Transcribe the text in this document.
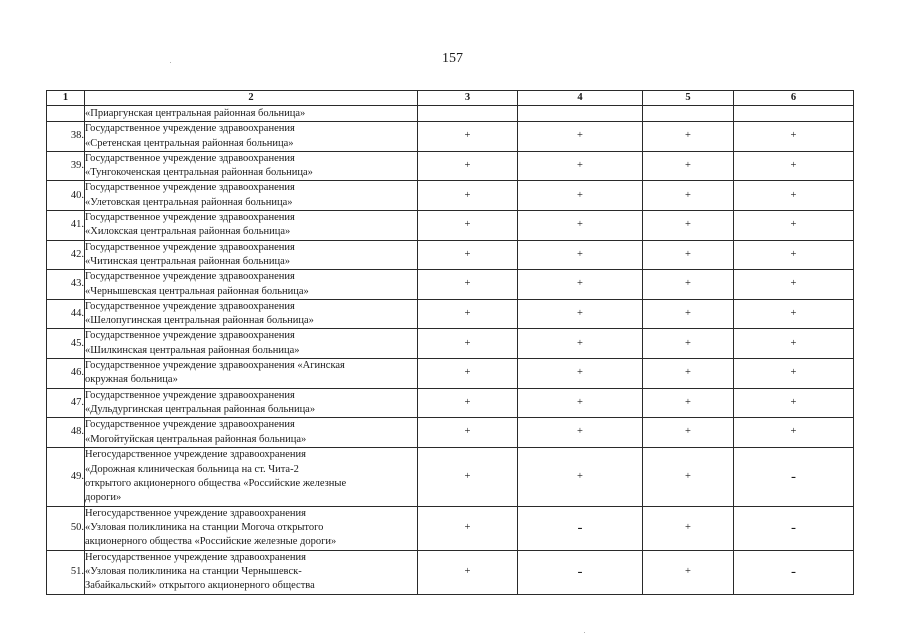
157
1	2	3	4	5	6

	«Приаргунская центральная районная больница»				

38.	Государственное учреждение здравоохранения
«Сретенская центральная районная больница»	+	+	+	+
39.	Государственное учреждение здравоохранения
«Тунгокоченская центральная районная больница»	+	+	+	+
40.	Государственное учреждение здравоохранения
«Улетовская центральная районная больница»	+	+	+	+
41.	Государственное учреждение здравоохранения
«Хилокская центральная районная больница»	+	+	+	+
42.	Государственное учреждение здравоохранения
«Читинская центральная районная больница»	+	+	+	+
43.	Государственное учреждение здравоохранения
«Чернышевская центральная районная больница»	+	+	+	+
44.	Государственное учреждение здравоохранения
«Шелопугинская центральная районная больница»	+	+	+	+
45.	Государственное учреждение здравоохранения
«Шилкинская центральная районная больница»	+	+	+	+
46.	Государственное учреждение здравоохранения «Агинская
окружная больница»	+	+	+	+
47.	Государственное учреждение здравоохранения
«Дульдургинская центральная районная больница»	+	+	+	+
48.	Государственное учреждение здравоохранения
«Могойтуйская центральная районная больница»	+	+	+	+
49.	Негосударственное учреждение здравоохранения
«Дорожная клиническая больница на ст. Чита-2
открытого акционерного общества «Российские железные
дороги»	+	+	+	-
50.	Негосударственное учреждение здравоохранения
«Узловая поликлиника на станции Могоча открытого
акционерного общества «Российские железные дороги»	+	-	+	-
51.	Негосударственное учреждение здравоохранения
«Узловая поликлиника на станции Чернышевск-
Забайкальский» открытого акционерного общества	+	-	+	-
